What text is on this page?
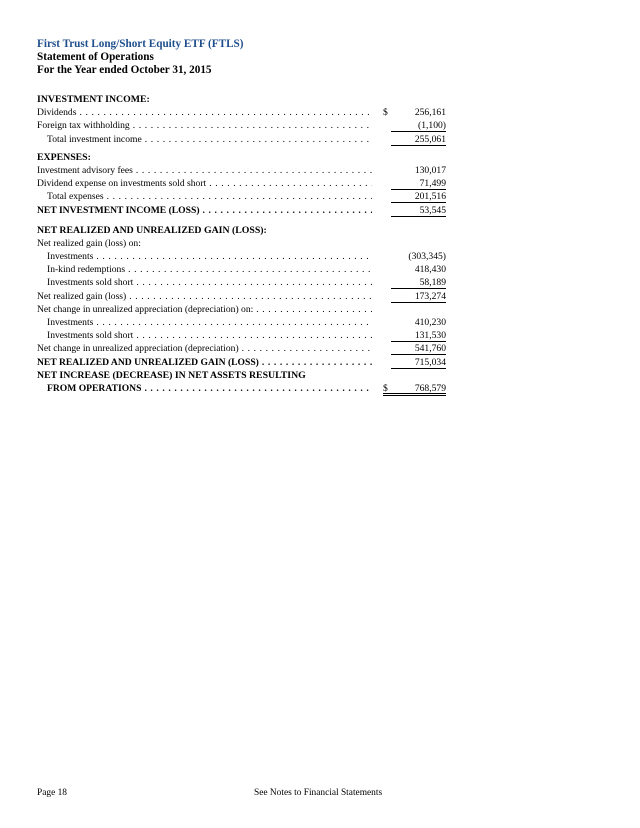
First Trust Long/Short Equity ETF (FTLS)
Statement of Operations
For the Year ended October 31, 2015
INVESTMENT INCOME:
Dividends . . .	$	256,161
Foreign tax withholding . . .	(1,100)
Total investment income . . .	255,061
EXPENSES:
Investment advisory fees . . .	130,017
Dividend expense on investments sold short . . .	71,499
Total expenses . . .	201,516
NET INVESTMENT INCOME (LOSS) . . .	53,545
NET REALIZED AND UNREALIZED GAIN (LOSS):
Net realized gain (loss) on:
Investments . . .	(303,345)
In-kind redemptions . . .	418,430
Investments sold short . . .	58,189
Net realized gain (loss) . . .	173,274
Net change in unrealized appreciation (depreciation) on: . . .
Investments . . .	410,230
Investments sold short . . .	131,530
Net change in unrealized appreciation (depreciation) . . .	541,760
NET REALIZED AND UNREALIZED GAIN (LOSS) . . .	715,034
NET INCREASE (DECREASE) IN NET ASSETS RESULTING
FROM OPERATIONS . . .	$	768,579
Page 18	See Notes to Financial Statements
